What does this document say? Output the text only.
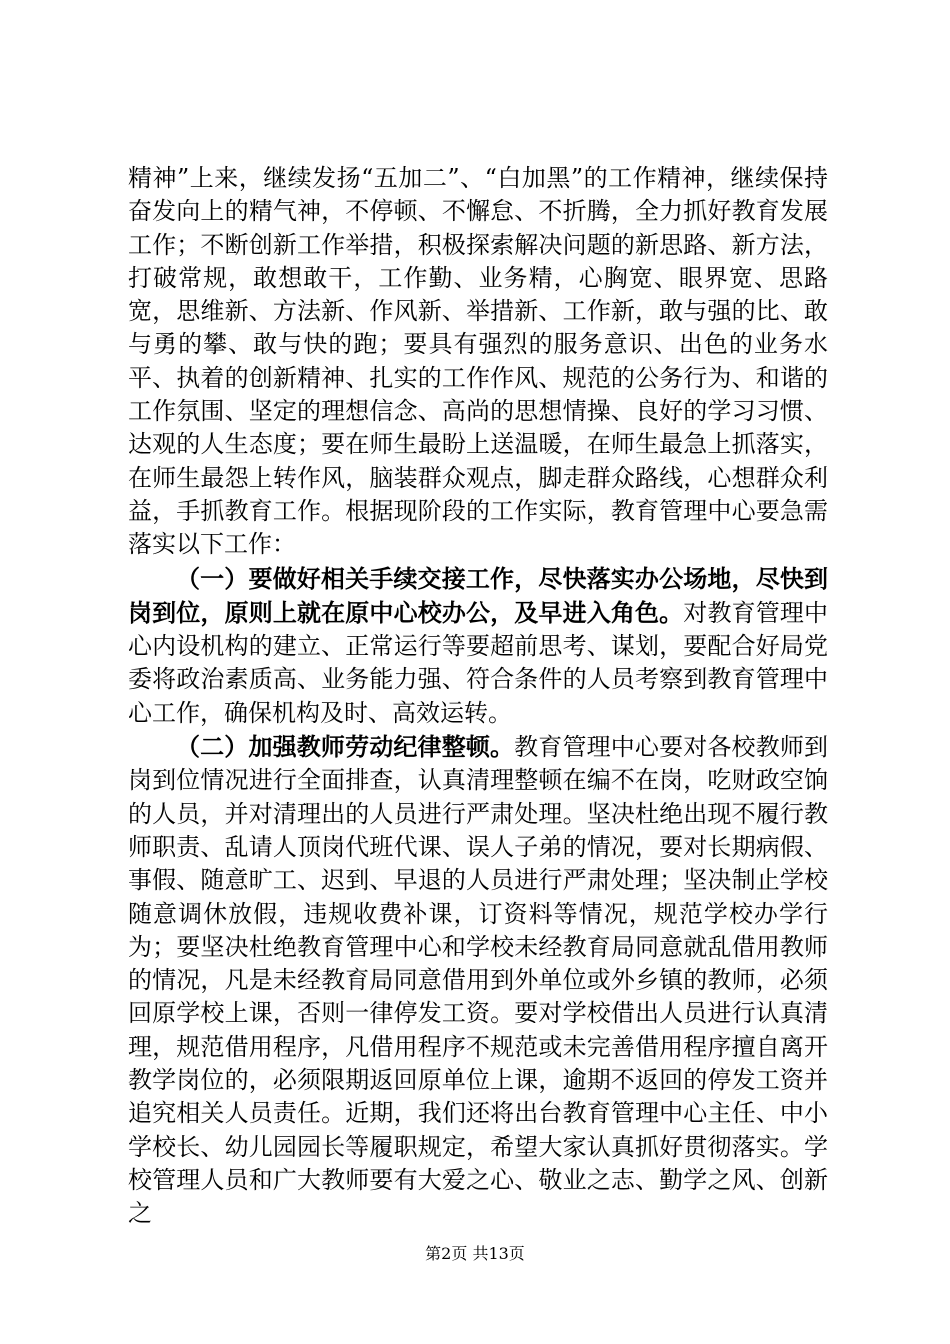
精神”上来，继续发扬“五加二”、“白加黑”的工作精神，继续保持奋发向上的精气神，不停顿、不懈怠、不折腾，全力抓好教育发展工作；不断创新工作举措，积极探索解决问题的新思路、新方法，打破常规，敢想敢干，工作勤、业务精，心胸宽、眼界宽、思路宽，思维新、方法新、作风新、举措新、工作新，敢与强的比、敢与勇的攀、敢与快的跑；要具有强烈的服务意识、出色的业务水平、执着的创新精神、扎实的工作作风、规范的公务行为、和谐的工作氛围、坚定的理想信念、高尚的思想情操、良好的学习习惯、达观的人生态度；要在师生最盼上送温暖，在师生最急上抓落实，在师生最怨上转作风，脑装群众观点，脚走群众路线，心想群众利益，手抓教育工作。根据现阶段的工作实际，教育管理中心要急需落实以下工作：

（一）要做好相关手续交接工作，尽快落实办公场地，尽快到岗到位，原则上就在原中心校办公，及早进入角色。对教育管理中心内设机构的建立、正常运行等要超前思考、谋划，要配合好局党委将政治素质高、业务能力强、符合条件的人员考察到教育管理中心工作，确保机构及时、高效运转。

（二）加强教师劳动纪律整顿。教育管理中心要对各校教师到岗到位情况进行全面排查，认真清理整顿在编不在岗，吃财政空饷的人员，并对清理出的人员进行严肃处理。坚决杜绝出现不履行教师职责、乱请人顶岗代班代课、误人子弟的情况，要对长期病假、事假、随意旷工、迟到、早退的人员进行严肃处理；坚决制止学校随意调休放假，违规收费补课，订资料等情况，规范学校办学行为；要坚决杜绝教育管理中心和学校未经教育局同意就乱借用教师的情况，凡是未经教育局同意借用到外单位或外乡镇的教师，必须回原学校上课，否则一律停发工资。要对学校借出人员进行认真清理，规范借用程序，凡借用程序不规范或未完善借用程序擅自离开教学岗位的，必须限期返回原单位上课，逾期不返回的停发工资并追究相关人员责任。近期，我们还将出台教育管理中心主任、中小学校长、幼儿园园长等履职规定，希望大家认真抓好贯彻落实。学校管理人员和广大教师要有大爱之心、敬业之志、勤学之风、创新之

第2页 共13页
